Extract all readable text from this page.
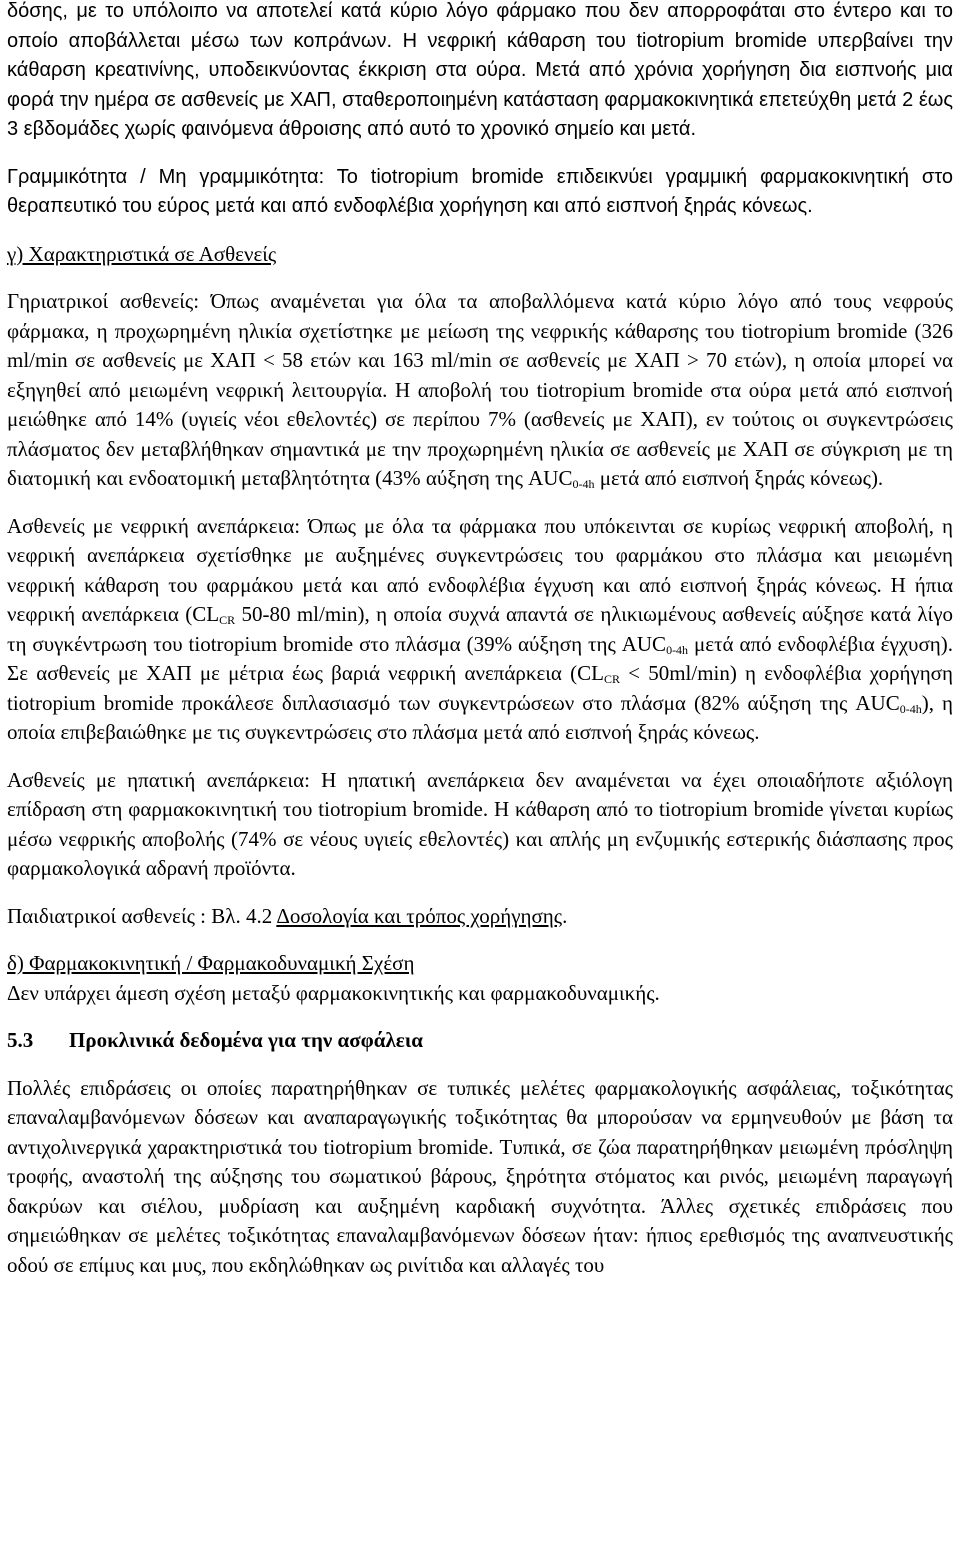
δόσης, με το υπόλοιπο να αποτελεί κατά κύριο λόγο φάρμακο που δεν απορροφάται στο έντερο και το οποίο αποβάλλεται μέσω των κοπράνων. Η νεφρική κάθαρση του tiotropium bromide υπερβαίνει την κάθαρση κρεατινίνης, υποδεικνύοντας έκκριση στα ούρα. Μετά από χρόνια χορήγηση δια εισπνοής μια φορά την ημέρα σε ασθενείς με ΧΑΠ, σταθεροποιημένη κατάσταση φαρμακοκινητικά επετεύχθη μετά 2 έως 3 εβδομάδες χωρίς φαινόμενα άθροισης από αυτό το χρονικό σημείο και μετά.

Γραμμικότητα / Μη γραμμικότητα: Το tiotropium bromide επιδεικνύει γραμμική φαρμακοκινητική στο θεραπευτικό του εύρος μετά και από ενδοφλέβια χορήγηση και από εισπνοή ξηράς κόνεως.

γ) Χαρακτηριστικά σε Ασθενείς

Γηριατρικοί ασθενείς: Όπως αναμένεται για όλα τα αποβαλλόμενα κατά κύριο λόγο από τους νεφρούς φάρμακα, η προχωρημένη ηλικία σχετίστηκε με μείωση της νεφρικής κάθαρσης του tiotropium bromide (326 ml/min σε ασθενείς με ΧΑΠ < 58 ετών και 163 ml/min σε ασθενείς με ΧΑΠ > 70 ετών), η οποία μπορεί να εξηγηθεί από μειωμένη νεφρική λειτουργία. Η αποβολή του tiotropium bromide στα ούρα μετά από εισπνοή μειώθηκε από 14% (υγιείς νέοι εθελοντές) σε περίπου 7% (ασθενείς με ΧΑΠ), εν τούτοις οι συγκεντρώσεις πλάσματος δεν μεταβλήθηκαν σημαντικά με την προχωρημένη ηλικία σε ασθενείς με ΧΑΠ σε σύγκριση με τη διατομική και ενδοατομική μεταβλητότητα (43% αύξηση της $AUC_{0-4h}$ μετά από εισπνοή ξηράς κόνεως).

Ασθενείς με νεφρική ανεπάρκεια: Όπως με όλα τα φάρμακα που υπόκεινται σε κυρίως νεφρική αποβολή, η νεφρική ανεπάρκεια σχετίσθηκε με αυξημένες συγκεντρώσεις του φαρμάκου στο πλάσμα και μειωμένη νεφρική κάθαρση του φαρμάκου μετά και από ενδοφλέβια έγχυση και από εισπνοή ξηράς κόνεως. Η ήπια νεφρική ανεπάρκεια ($CL_{CR}$ 50-80 ml/min), η οποία συχνά απαντά σε ηλικιωμένους ασθενείς αύξησε κατά λίγο τη συγκέντρωση του tiotropium bromide στο πλάσμα (39% αύξηση της $AUC_{0-4h}$ μετά από ενδοφλέβια έγχυση). Σε ασθενείς με ΧΑΠ με μέτρια έως βαριά νεφρική ανεπάρκεια $(CL_{CR} < 50ml/\min)$ η ενδοφλέβια χορήγηση tiotropium bromide προκάλεσε διπλασιασμό των συγκεντρώσεων στο πλάσμα (82% αύξηση της $AUC_{0-4h}$), η οποία επιβεβαιώθηκε με τις συγκεντρώσεις στο πλάσμα μετά από εισπνοή ξηράς κόνεως.

Ασθενείς με ηπατική ανεπάρκεια: Η ηπατική ανεπάρκεια δεν αναμένεται να έχει οποιαδήποτε αξιόλογη επίδραση στη φαρμακοκινητική του tiotropium bromide. Η κάθαρση από το tiotropium bromide γίνεται κυρίως μέσω νεφρικής αποβολής (74% σε νέους υγιείς εθελοντές) και απλής μη ενζυμικής εστερικής διάσπασης προς φαρμακολογικά αδρανή προϊόντα.

Παιδιατρικοί ασθενείς : Βλ. 4.2 Δοσολογία και τρόπος χορήγησης.

δ) Φαρμακοκινητική / Φαρμακοδυναμική Σχέση

Δεν υπάρχει άμεση σχέση μεταξύ φαρμακοκινητικής και φαρμακοδυναμικής.

5.3	Προκλινικά δεδομένα για την ασφάλεια

Πολλές επιδράσεις οι οποίες παρατηρήθηκαν σε τυπικές μελέτες φαρμακολογικής ασφάλειας, τοξικότητας επαναλαμβανόμενων δόσεων και αναπαραγωγικής τοξικότητας θα μπορούσαν να ερμηνευθούν με βάση τα αντιχολινεργικά χαρακτηριστικά του tiotropium bromide. Τυπικά, σε ζώα παρατηρήθηκαν μειωμένη πρόσληψη τροφής, αναστολή της αύξησης του σωματικού βάρους, ξηρότητα στόματος και ρινός, μειωμένη παραγωγή δακρύων και σιέλου, μυδρίαση και αυξημένη καρδιακή συχνότητα. Άλλες σχετικές επιδράσεις που σημειώθηκαν σε μελέτες τοξικότητας επαναλαμβανόμενων δόσεων ήταν: ήπιος ερεθισμός της αναπνευστικής οδού σε επίμυς και μυς, που εκδηλώθηκαν ως ρινίτιδα και αλλαγές του
